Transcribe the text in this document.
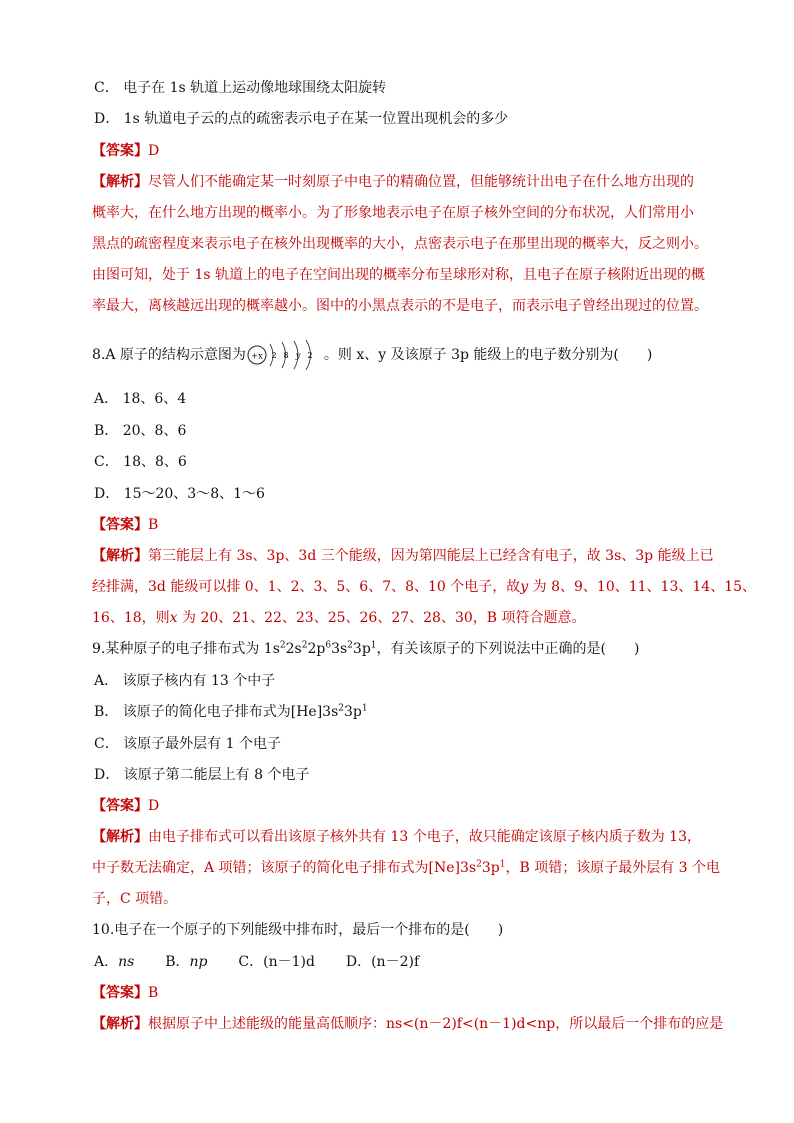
C． 电子在 1s 轨道上运动像地球围绕太阳旋转
D． 1s 轨道电子云的点的疏密表示电子在某一位置出现机会的多少
【答案】D
【解析】尽管人们不能确定某一时刻原子中电子的精确位置，但能够统计出电子在什么地方出现的
概率大，在什么地方出现的概率小。为了形象地表示电子在原子核外空间的分布状况，人们常用小
黑点的疏密程度来表示电子在核外出现概率的大小，点密表示电子在那里出现的概率大，反之则小。
由图可知，处于 1s 轨道上的电子在空间出现的概率分布呈球形对称，且电子在原子核附近出现的概
率最大，离核越远出现的概率越小。图中的小黑点表示的不是电子，而表示电子曾经出现过的位置。
8.A 原子的结构示意图为 +x 2 8 y 2 。则 x、y 及该原子 3p 能级上的电子数分别为(　　)
A． 18、6、4
B． 20、8、6
C． 18、8、6
D． 15～20、3～8、1～6
【答案】B
【解析】第三能层上有 3s、3p、3d 三个能级，因为第四能层上已经含有电子，故 3s、3p 能级上已
经排满，3d 能级可以排 0、1、2、3、5、6、7、8、10 个电子，故y 为 8、9、10、11、13、14、15、
16、18，则x 为 20、21、22、23、25、26、27、28、30，B 项符合题意。
9.某种原子的电子排布式为 $1s^22s^22p^63s^23p^1$，有关该原子的下列说法中正确的是(　　)
A． 该原子核内有 13 个中子
B． 该原子的简化电子排布式为$[He]3s^23p^1$
C． 该原子最外层有 1 个电子
D． 该原子第二能层上有 8 个电子
【答案】D
【解析】由电子排布式可以看出该原子核外共有 13 个电子，故只能确定该原子核内质子数为 13，
中子数无法确定，A 项错；该原子的简化电子排布式为$[Ne]3s^23p^1$，B 项错；该原子最外层有 3 个电
子，C 项错。
10.电子在一个原子的下列能级中排布时，最后一个排布的是(　　)
A．ns B．np C．(n－1)d D．(n－2)f
【答案】B
【解析】根据原子中上述能级的能量高低顺序：ns<(n－2)f<(n－1)d<np，所以最后一个排布的应是
